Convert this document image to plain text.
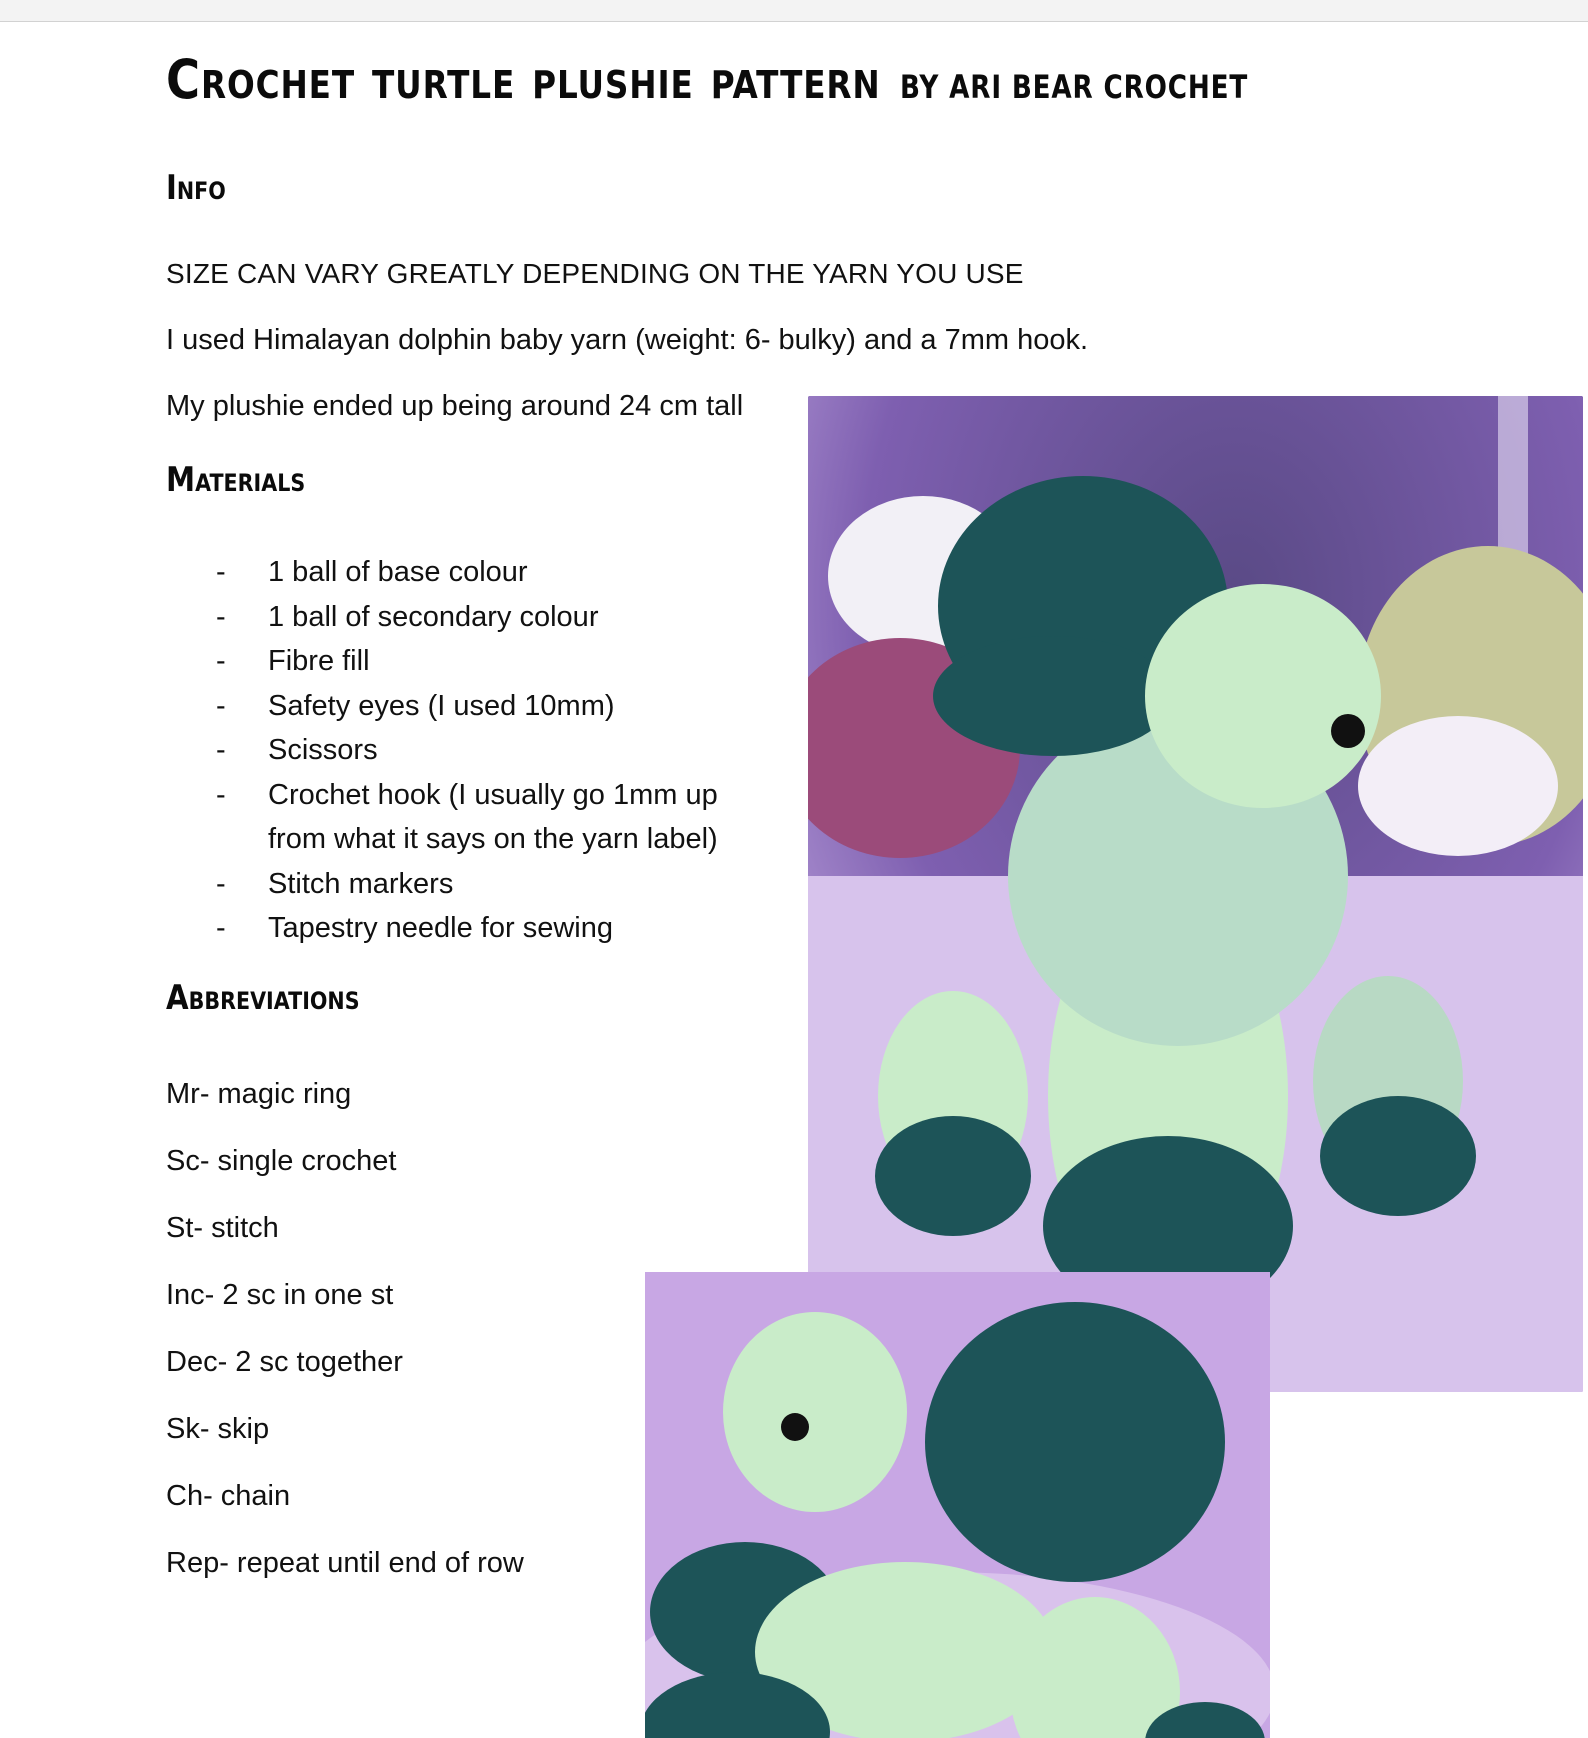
Crochet turtle plushie pattern BY ARI BEAR CROCHET
Info
SIZE CAN VARY GREATLY DEPENDING ON THE YARN YOU USE
I used Himalayan dolphin baby yarn (weight: 6- bulky) and a 7mm hook.
My plushie ended up being around 24 cm tall
Materials
-	1 ball of base colour
-	1 ball of secondary colour
-	Fibre fill
-	Safety eyes (I used 10mm)
-	Scissors
-	Crochet hook (I usually go 1mm up from what it says on the yarn label)
-	Stitch markers
-	Tapestry needle for sewing
Abbreviations
Mr- magic ring
Sc- single crochet
St- stitch
Inc- 2 sc in one st
Dec- 2 sc together
Sk- skip
Ch- chain
Rep- repeat until end of row
